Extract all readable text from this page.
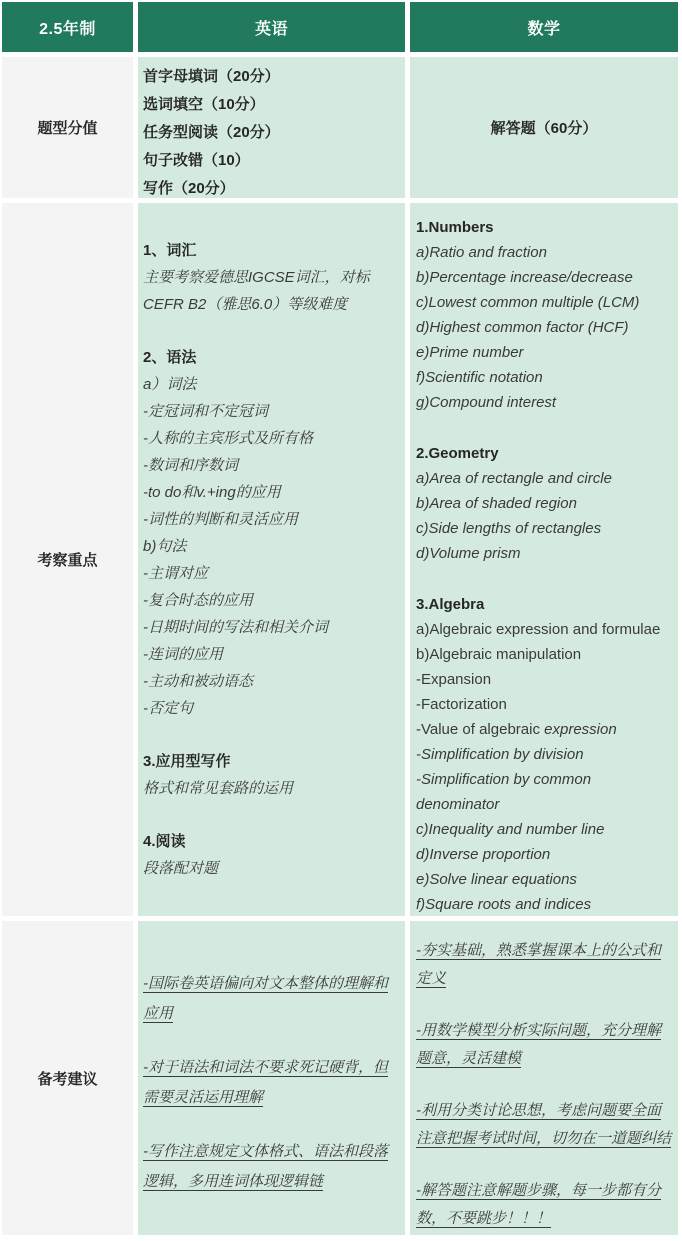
2.5年制	英语	数学
题型分值
首字母填词（20分）
选词填空（10分）
任务型阅读（20分）
句子改错（10）
写作（20分）
解答题（60分）
考察重点
1、词汇
主要考察爱德思IGCSE词汇，对标CEFR B2（雅思6.0）等级难度
2、语法
a）词法
-定冠词和不定冠词
-人称的主宾形式及所有格
-数词和序数词
-to do和v.+ing的应用
-词性的判断和灵活应用
b)句法
-主谓对应
-复合时态的应用
-日期时间的写法和相关介词
-连词的应用
-主动和被动语态
-否定句
3.应用型写作
格式和常见套路的运用
4.阅读
段落配对题
1.Numbers
a)Ratio and fraction
b)Percentage increase/decrease
c)Lowest common multiple (LCM)
d)Highest common factor (HCF)
e)Prime number
f)Scientific notation
g)Compound interest
2.Geometry
a)Area of rectangle and circle
b)Area of shaded region
c)Side lengths of rectangles
d)Volume prism
3.Algebra
a)Algebraic expression and formulae
b)Algebraic manipulation
-Expansion
-Factorization
-Value of algebraic expression
-Simplification by division
-Simplification by common denominator
c)Inequality and number line
d)Inverse proportion
e)Solve linear equations
f)Square roots and indices
备考建议
-国际卷英语偏向对文本整体的理解和应用
-对于语法和词法不要求死记硬背，但需要灵活运用理解
-写作注意规定文体格式、语法和段落逻辑，多用连词体现逻辑链
-夯实基础，熟悉掌握课本上的公式和定义
-用数学模型分析实际问题，充分理解题意，灵活建模
-利用分类讨论思想，考虑问题要全面注意把握考试时间，切勿在一道题纠结
-解答题注意解题步骤，每一步都有分数，不要跳步！！！
